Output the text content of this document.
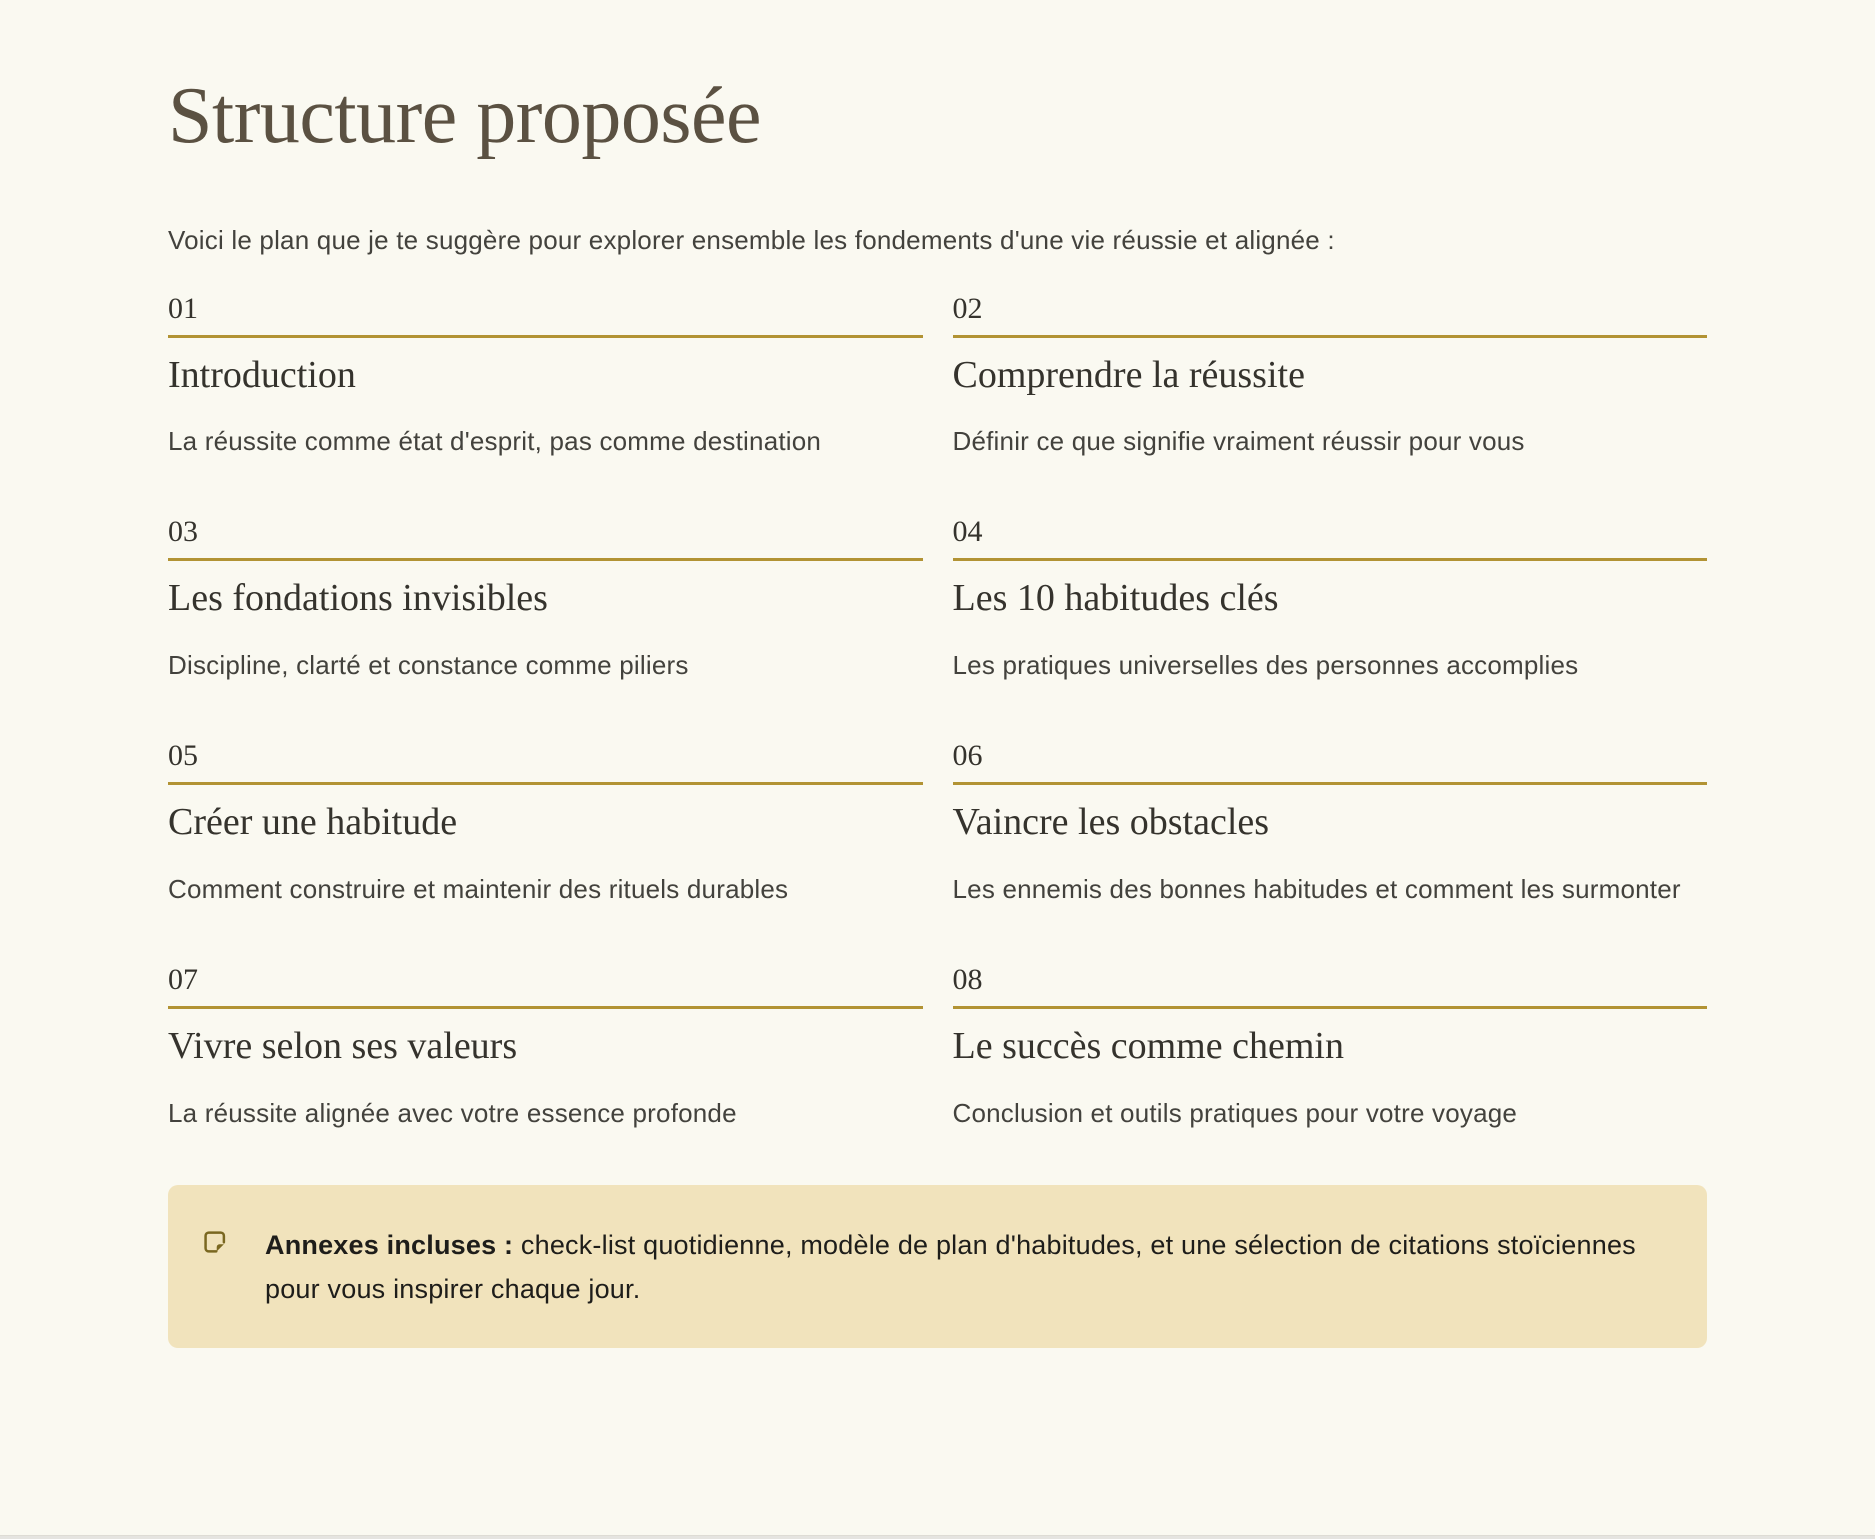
Structure proposée

Voici le plan que je te suggère pour explorer ensemble les fondements d'une vie réussie et alignée :

01
Introduction

La réussite comme état d'esprit, pas comme destination

02
Comprendre la réussite

Définir ce que signifie vraiment réussir pour vous

03
Les fondations invisibles

Discipline, clarté et constance comme piliers

04
Les 10 habitudes clés

Les pratiques universelles des personnes accomplies

05
Créer une habitude

Comment construire et maintenir des rituels durables

06
Vaincre les obstacles

Les ennemis des bonnes habitudes et comment les surmonter

07
Vivre selon ses valeurs

La réussite alignée avec votre essence profonde

08
Le succès comme chemin

Conclusion et outils pratiques pour votre voyage

Annexes incluses : check-list quotidienne, modèle de plan d'habitudes, et une sélection de citations stoïciennes pour vous inspirer chaque jour.
